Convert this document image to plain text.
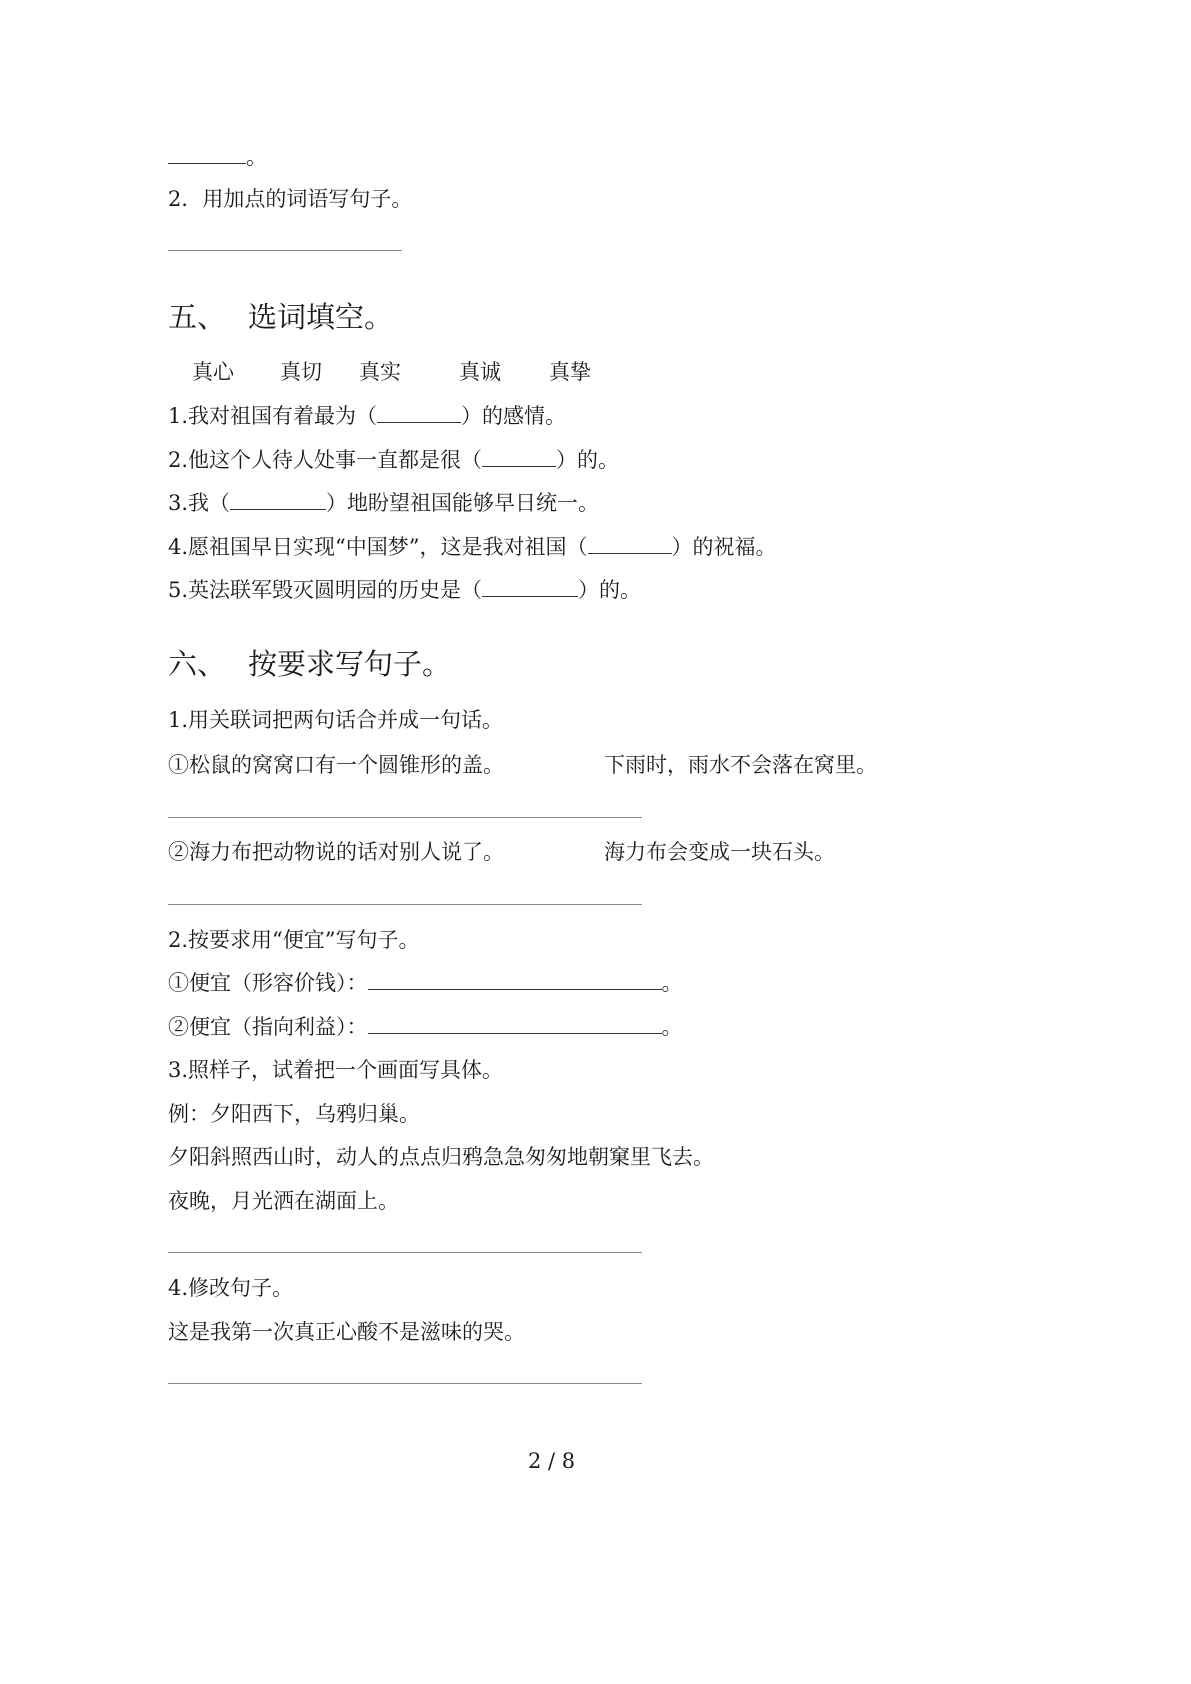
。
2．用加点的词语写句子。
五、 选词填空。
真心 真切 真实	真诚 真挚
1.我对祖国有着最为（	）的感情。
2.他这个人待人处事一直都是很（	）的。
3.我（	）地盼望祖国能够早日统一。
4.愿祖国早日实现“中国梦”，这是我对祖国（	）的祝福。
5.英法联军毁灭圆明园的历史是（	）的。
六、 按要求写句子。
1.用关联词把两句话合并成一句话。
①松鼠的窝窝口有一个圆锥形的盖。	下雨时，雨水不会落在窝里。
②海力布把动物说的话对别人说了。	海力布会变成一块石头。
2.按要求用“便宜”写句子。
①便宜（形容价钱）：	。
②便宜（指向利益）：	。
3.照样子，试着把一个画面写具体。
例：夕阳西下，乌鸦归巢。
夕阳斜照西山时，动人的点点归鸦急急匆匆地朝窠里飞去。
夜晚，月光洒在湖面上。
4.修改句子。
这是我第一次真正心酸不是滋味的哭。
2 / 8
